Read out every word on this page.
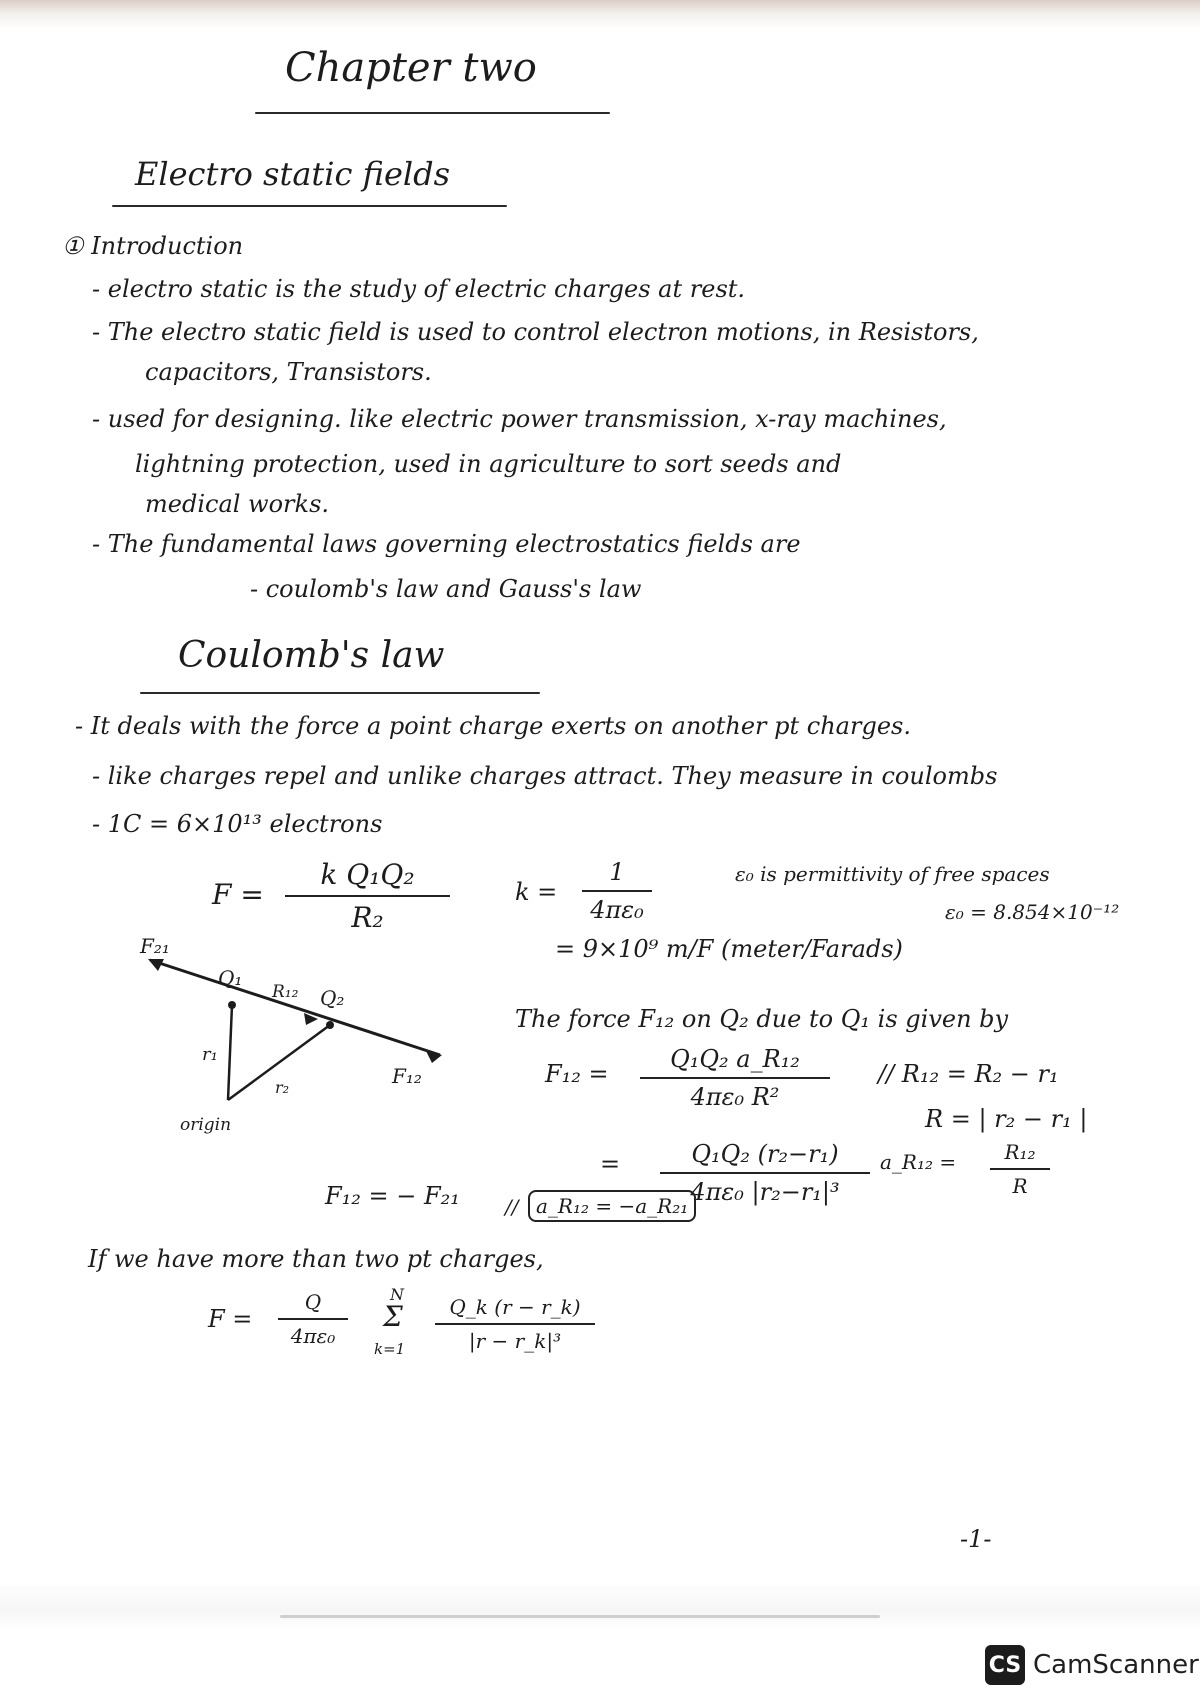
Chapter two
Electro static fields
① Introduction
- electro static is the study of electric charges at rest.
- The electro static field is used to control electron motions, in Resistors,
capacitors, Transistors.
- used for designing. like electric power transmission, x-ray machines,
lightning protection, used in agriculture to sort seeds and
medical works.
- The fundamental laws governing electrostatics fields are
- coulomb's law and Gauss's law
Coulomb's law
- It deals with the force a point charge exerts on another pt charges.
- like charges repel and unlike charges attract. They measure in coulombs
- 1C = 6×10¹³ electrons
F =
k Q₁Q₂
R₂
k =
1
4πε₀
= 9×10⁹ m/F (meter/Farads)
ε₀ is permittivity of free spaces
ε₀ = 8.854×10⁻¹²
F₂₁
Q₁
R₁₂ Q₂
F₁₂
r₁
r₂
origin
The force F₁₂ on Q₂ due to Q₁ is given by
F₁₂ =
Q₁Q₂ a_R₁₂
4πε₀ R²
// R₁₂ = R₂ − r₁
R = | r₂ − r₁ |
a_R₁₂ = R₁₂
R
=	Q₁Q₂ (r₂−r₁)
4πε₀ |r₂−r₁|³
F₁₂ = − F₂₁ // a_R₁₂ = −a_R₂₁
If we have more than two pt charges,
F =
Q
4πε₀
N
Σ
k=1
Q_k (r − r_k)
|r − r_k|³
-1-
CS CamScanner
